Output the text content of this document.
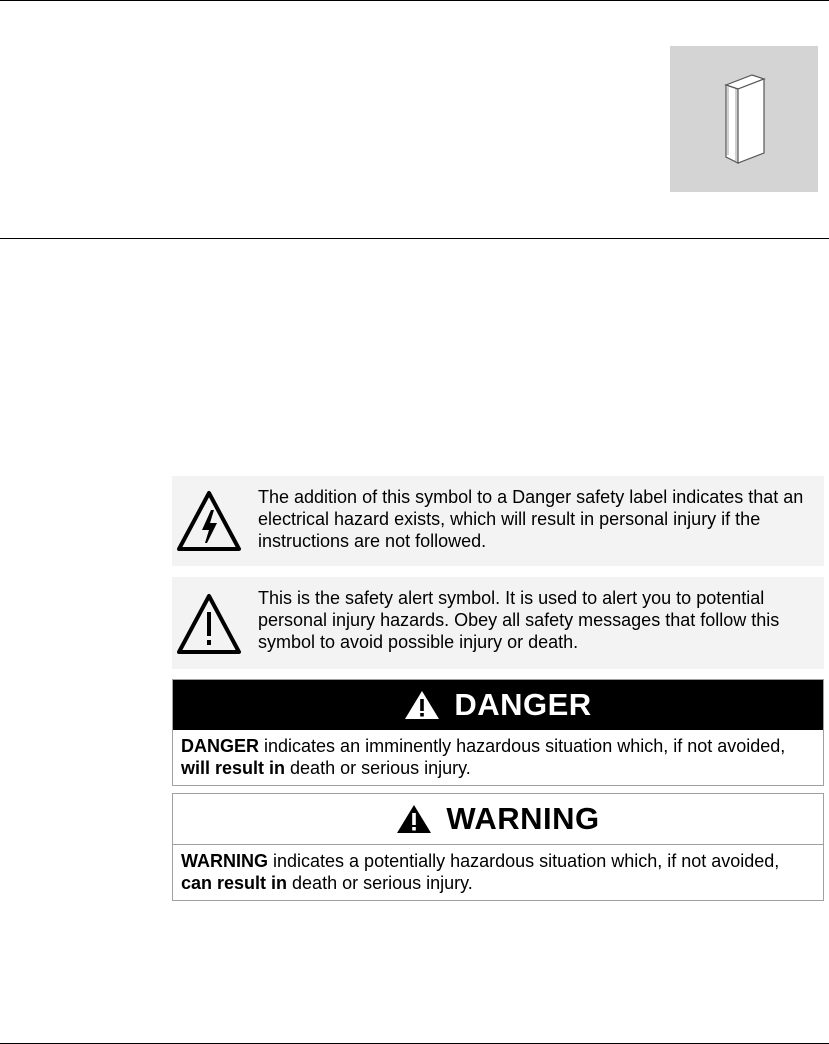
The addition of this symbol to a Danger safety label indicates that an electrical hazard exists, which will result in personal injury if the instructions are not followed.
This is the safety alert symbol. It is used to alert you to potential personal injury hazards. Obey all safety messages that follow this symbol to avoid possible injury or death.
DANGER
DANGER indicates an imminently hazardous situation which, if not avoided, will result in death or serious injury.
WARNING
WARNING indicates a potentially hazardous situation which, if not avoided, can result in death or serious injury.
